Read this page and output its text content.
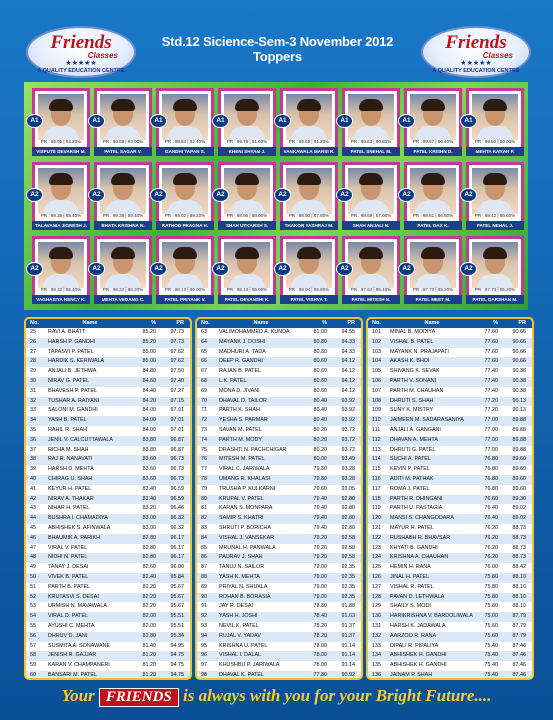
Friends
Classes
★★★★★
A QUALITY EDUCATION CENTRE
Std.12 Sicience-Sem-3 November 2012 Toppers
Friends
Classes
★★★★★
A QUALITY EDUCATION CENTRE
PR : 99.95 | 94.20%
VISPUTE DEVARSH M.
A1
PR : 99.88 | 93.00%
PATEL SAGAR V.
A1
PR : 99.84 | 92.40%
GANDHI TAPAN S.
A1
PR : 99.76 | 91.60%
KHENI SHYAM J.
A1
PR : 99.69 | 91.20%
VANKAWALA MANSI R.
A1
PR : 99.63 | 90.80%
PATEL SNEHAL M.
A1
PR : 99.57 | 90.40%
PATEL KRISHN D.
A1
PR : 99.50 | 90.00%
MEHTA KARAN P.
A1
PR : 99.36 | 89.40%
TALAVANIA JIGNESH J.
A2
PR : 99.36 | 89.40%
BHATA KRISHNA N.
A2
PR : 99.02 | 88.20%
RATHOD PRAGNA H.
A2
PR : 98.96 | 88.00%
SHAH UTKARSH S.
A2
PR : 98.90 | 87.80%
THAKOR YASHRAJ M.
A2
PR : 98.59 | 87.00%
SHAH ANJALI N.
A2
PR : 98.51 | 86.80%
PATEL DAX K.
A2
PR : 98.42 | 86.60%
PATEL NEHAL J.
A2
PR : 98.32 | 86.40%
VAGHASIYA NENCY K.
A2
PR : 98.22 | 86.20%
MEHTA VEDANG C.
A2
PR : 98.13 | 86.00%
PATEL PRIYANK V.
A2
PR : 98.13 | 86.00%
PATEL DEVANSHI K.
A2
PR : 98.04 | 85.80%
PATEL VISHVA T.
A2
PR : 97.84 | 85.40%
PATEL MITESH N.
A2
PR : 97.73 | 85.20%
PATEL MEET M.
A2
PR : 97.73 | 85.20%
PATEL DARSHAN M.
A2
No.	Name	%	PR
25	RAVI A. BHATT	85.20	97.73
26	HARSH P. GANDHI	85.20	97.73
27	TAPASVI P. PATEL	85.00	97.62
28	HARDIK S. KERIWALA	85.00	97.62
29	ANJALI B. JETHWA	84.80	97.50
30	NIRAV G. PATEL	84.60	97.40
31	BHAVESH P. PATEL	84.40	97.27
32	TUSHAR A. RAIYANI	84.20	97.15
33	SALONI M. GANDHI	84.00	97.01
34	YASH B. PATEL	84.00	97.01
35	RAHIL R. SHAH	84.00	97.01
36	JENIL V. CALCUTTAWALA	83.80	96.87
37	RICHA M. SHAH	83.80	96.87
38	RAJ R. NANAVATI	83.60	96.73
39	HARSH D. MEHTA	83.60	96.73
40	CHIRAG U. SHAH	83.60	96.73
41	KEYUR H. PATEL	83.40	96.59
42	NIRAV A. THAKAR	83.40	96.59
43	NIHAR H. PATEL	83.20	96.46
44	BUSHRA I. CHAMADIYA	83.00	96.32
45	ABHISHEK S. AFINWALA	83.00	96.32
46	BHAUMIK A. PARIKH	82.80	96.17
47	VIRAL V. PATEL	82.80	96.17
48	NIDHI N. PATEL	82.80	96.17
49	TANAY J. DESAI	82.60	96.00
50	VIVEK B. PATEL	82.40	95.84
51	PARTH B. PATEL	82.20	95.67
52	KRUTASVI S. DESAI	82.20	95.67
53	URMISH N. MAVAWALA	82.20	95.67
54	VIRAL D. PATEL	82.00	95.51
55	AYUSHI C. MEHTA	82.00	95.51
56	DHRUV D. JANI	81.80	95.34
57	SUSMITA A. SONAWANE	81.40	94.95
58	JENISH R. GAJJAR	81.20	94.75
59	KARAN V. CHAMPANERI	81.20	94.75
60	BANSARI M. PATEL	81.20	94.75
No.	Name	%	PR
63	VALIMOHAMMED A. KUNDA	81.00	94.55
64	MAYANK J. DOSHI	80.80	94.33
65	MADHURI A. TADA	80.80	94.33
66	DEEP R. GANDHI	80.60	94.12
67	RAJAN B. PATEL	80.60	94.12
68	L.K. PATEL	80.60	94.12
69	MONA D. JIVANI	80.60	94.12
70	DHAVAL D. TAILOR	80.40	93.92
71	PARTH K. SHAH	80.40	93.92
72	YESHA S. PARMAR	80.40	93.92
73	SAVAN M. PATEL	80.20	93.72
74	PARTH M. MODY	80.20	93.72
75	DRASHTI N. PACHCHIGAR	80.20	93.72
76	MITESH M. PATEL	80.00	93.49
77	VIRAL C. JARIWALA	79.80	93.28
78	UMANG R. KHALASI	79.80	93.28
79	TRUSHA P. KULKARNI	79.60	93.05
80	KRUPAL V. PATEL	79.40	92.80
81	KARAN S. MONPARA	79.40	92.80
82	SAMIR S. KHATRI	79.40	92.80
83	SHRUTI P. BORICHA	79.40	92.80
84	VISHAL J. VANSEKAR	79.20	92.58
85	MRUNAL H. PANWALA	79.20	92.58
86	PAURAV J. SHAH	79.20	92.58
87	TANUJ N. SAILOR	79.00	92.35
88	YASH K. MEHTA	79.00	92.35
89	PRIYAL N. SHUKLA	79.00	92.35
90	ROHAN B. BORASIA	79.00	92.35
91	JAY R. DESAI	78.80	91.88
92	YASH H. JOSHI	78.40	91.63
93	NEVIL K. PATEL	78.20	91.37
94	RUJAL V. YADAV	78.20	91.37
95	KRISHNA U. PATEL	78.00	91.14
96	VISHAL I. DALAL	78.00	91.14
97	KHUSHBU P. JARIWALA	78.00	91.14
98	DHAVAL K. PATEL	77.80	90.92
No.	Name	%	PR
101	MINAL B. MODIYA	77.60	90.66
102	VISHAL B. PATEL	77.60	90.66
103	MAYANK N. PRAJAPATI	77.60	90.66
104	AKASH K. BHOI	77.60	90.66
105	SHIVANG K. SEVAK	77.40	90.38
106	PARTH V. SONANI	77.40	90.38
107	PARTH M. CHAUHAN	77.40	90.38
108	DHRUTI S. SHAH	77.20	90.13
109	SUNY K. MISTRY	77.20	90.13
110	JAIMEEN M. SADARASANIYA	77.00	89.88
111	ANJALI A. GANGANI	77.00	89.88
112	DHAVAN A. MEHTA	77.00	89.88
113	DHRUTI G. PATEL	77.00	89.88
114	SUCHI A. PATEL	76.80	89.60
115	KEVIN P. PATEL	76.80	89.60
116	ADITI M. PATHAK	76.80	89.60
117	ROMA J. PATEL	76.80	89.60
118	PARTH R. DHINGANI	76.60	89.30
119	PARTH U. PASTAGIA	76.40	89.02
120	MANSI S. CHANGODARA	76.40	89.02
121	MAYUR H. PATEL	76.20	88.73
122	RUSHABH R. BHAVSAR	76.20	88.73
123	KHYATI B. GANDHI	76.20	88.73
124	KRISHNA A. CHAUHAN	76.20	88.73
125	HEMIN H. RANA	76.00	88.42
126	JINAL H. PATEL	75.80	88.10
127	VISHAL R. PATEL	75.80	88.10
128	PAVAN D. LETHWALA	75.80	88.10
129	SHAILY S. MODI	75.80	88.10
130	HARIKRISHNA V. BARDOLIWALA	75.60	87.79
131	HARSH K. JADAWALA	75.60	87.79
132	AARZOO R. RANA	75.60	87.79
133	DIPALI R. PIPALIYA	75.40	87.46
134	ABHISHEK H. GANDHI	75.40	87.46
135	ABHISHEK H. GANDHI	75.40	87.46
136	JAINAM P. SHAH	75.40	87.46
Your FRIENDS is always with you for your Bright Future....
